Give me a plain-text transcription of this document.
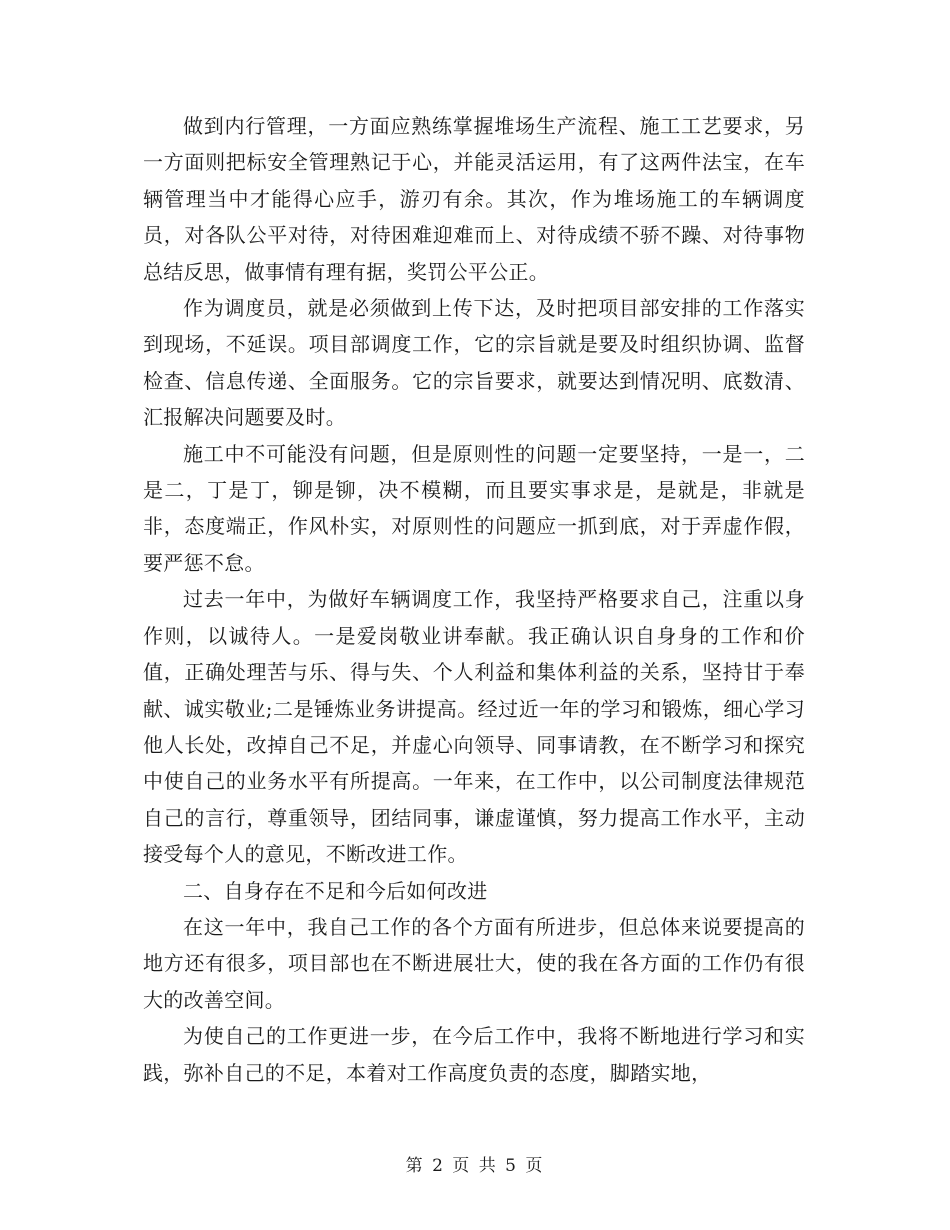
做到内行管理，一方面应熟练掌握堆场生产流程、施工工艺要求，另一方面则把标安全管理熟记于心，并能灵活运用，有了这两件法宝，在车辆管理当中才能得心应手，游刃有余。其次，作为堆场施工的车辆调度员，对各队公平对待，对待困难迎难而上、对待成绩不骄不躁、对待事物总结反思，做事情有理有据，奖罚公平公正。

作为调度员，就是必须做到上传下达，及时把项目部安排的工作落实到现场，不延误。项目部调度工作，它的宗旨就是要及时组织协调、监督检查、信息传递、全面服务。它的宗旨要求，就要达到情况明、底数清、汇报解决问题要及时。

施工中不可能没有问题，但是原则性的问题一定要坚持，一是一，二是二，丁是丁，铆是铆，决不模糊，而且要实事求是，是就是，非就是非，态度端正，作风朴实，对原则性的问题应一抓到底，对于弄虚作假，要严惩不怠。

过去一年中，为做好车辆调度工作，我坚持严格要求自己，注重以身作则，以诚待人。一是爱岗敬业讲奉献。我正确认识自身身的工作和价值，正确处理苦与乐、得与失、个人利益和集体利益的关系，坚持甘于奉献、诚实敬业;二是锤炼业务讲提高。经过近一年的学习和锻炼，细心学习他人长处，改掉自己不足，并虚心向领导、同事请教，在不断学习和探究中使自己的业务水平有所提高。一年来，在工作中，以公司制度法律规范自己的言行，尊重领导，团结同事，谦虚谨慎，努力提高工作水平，主动接受每个人的意见，不断改进工作。

二、自身存在不足和今后如何改进

在这一年中，我自己工作的各个方面有所进步，但总体来说要提高的地方还有很多，项目部也在不断进展壮大，使的我在各方面的工作仍有很大的改善空间。

为使自己的工作更进一步，在今后工作中，我将不断地进行学习和实践，弥补自己的不足，本着对工作高度负责的态度，脚踏实地，

第 2 页 共 5 页
